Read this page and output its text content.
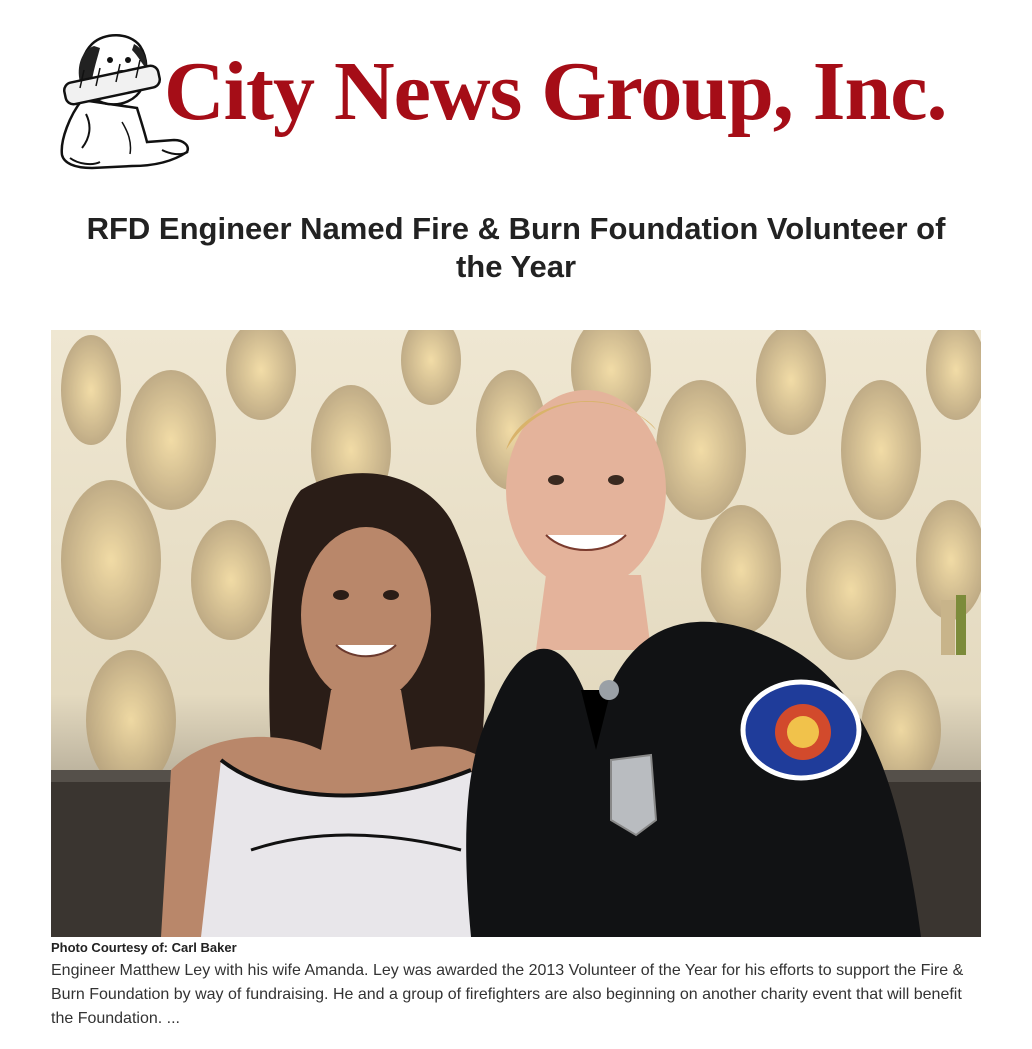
City News Group, Inc.
RFD Engineer Named Fire & Burn Foundation Volunteer of the Year
Photo Courtesy of: Carl Baker
Engineer Matthew Ley with his wife Amanda. Ley was awarded the 2013 Volunteer of the Year for his efforts to support the Fire & Burn Foundation by way of fundraising. He and a group of firefighters are also beginning on another charity event that will benefit the Foundation. ...
